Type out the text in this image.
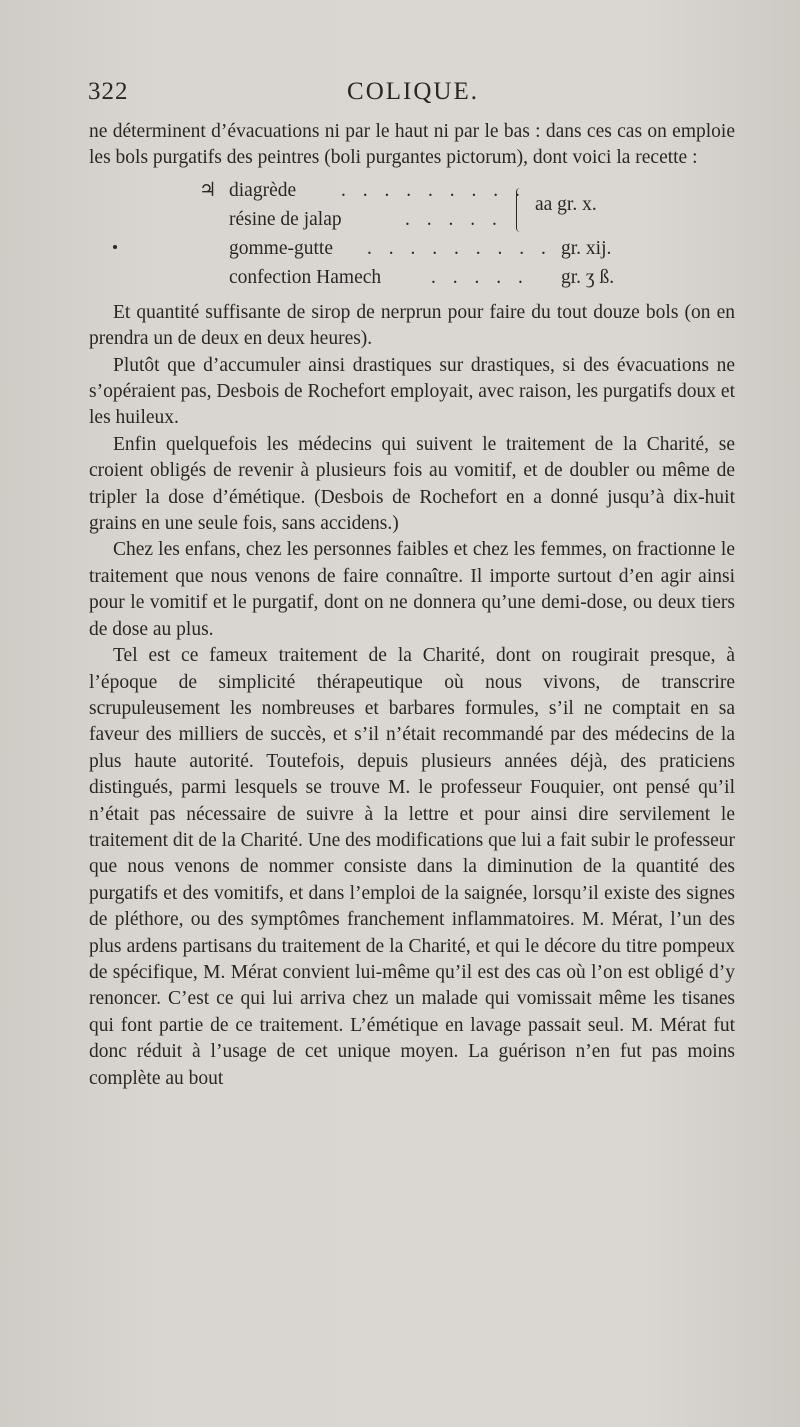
322	COLIQUE.

ne déterminent d’évacuations ni par le haut ni par le bas : dans ces cas on emploie les bols purgatifs des peintres (boli purgantes pictorum), dont voici la recette :

♃ diagrède . . . . . . . . .
résine de jalap	. . . . .
aa gr. x.
gomme-gutte . . . . . . . . . gr. xij.
confection Hamech	. . . . . gr. ʒ ß.

Et quantité suffisante de sirop de nerprun pour faire du tout douze bols (on en prendra un de deux en deux heures).

Plutôt que d’accumuler ainsi drastiques sur drastiques, si des évacuations ne s’opéraient pas, Desbois de Rochefort employait, avec raison, les purgatifs doux et les huileux.

Enfin quelquefois les médecins qui suivent le traitement de la Charité, se croient obligés de revenir à plusieurs fois au vomitif, et de doubler ou même de tripler la dose d’émétique. (Desbois de Rochefort en a donné jusqu’à dix-huit grains en une seule fois, sans accidens.)

Chez les enfans, chez les personnes faibles et chez les femmes, on fractionne le traitement que nous venons de faire connaître. Il importe surtout d’en agir ainsi pour le vomitif et le purgatif, dont on ne donnera qu’une demi-dose, ou deux tiers de dose au plus.

Tel est ce fameux traitement de la Charité, dont on rougirait presque, à l’époque de simplicité thérapeutique où nous vivons, de transcrire scrupuleusement les nombreuses et barbares formules, s’il ne comptait en sa faveur des milliers de succès, et s’il n’était recommandé par des médecins de la plus haute autorité. Toutefois, depuis plusieurs années déjà, des praticiens distingués, parmi lesquels se trouve M. le professeur Fouquier, ont pensé qu’il n’était pas nécessaire de suivre à la lettre et pour ainsi dire servilement le traitement dit de la Charité. Une des modifications que lui a fait subir le professeur que nous venons de nommer consiste dans la diminution de la quantité des purgatifs et des vomitifs, et dans l’emploi de la saignée, lorsqu’il existe des signes de pléthore, ou des symptômes franchement inflammatoires. M. Mérat, l’un des plus ardens partisans du traitement de la Charité, et qui le décore du titre pompeux de spécifique, M. Mérat convient lui-même qu’il est des cas où l’on est obligé d’y renoncer. C’est ce qui lui arriva chez un malade qui vomissait même les tisanes qui font partie de ce traitement. L’émétique en lavage passait seul. M. Mérat fut donc réduit à l’usage de cet unique moyen. La guérison n’en fut pas moins complète au bout
